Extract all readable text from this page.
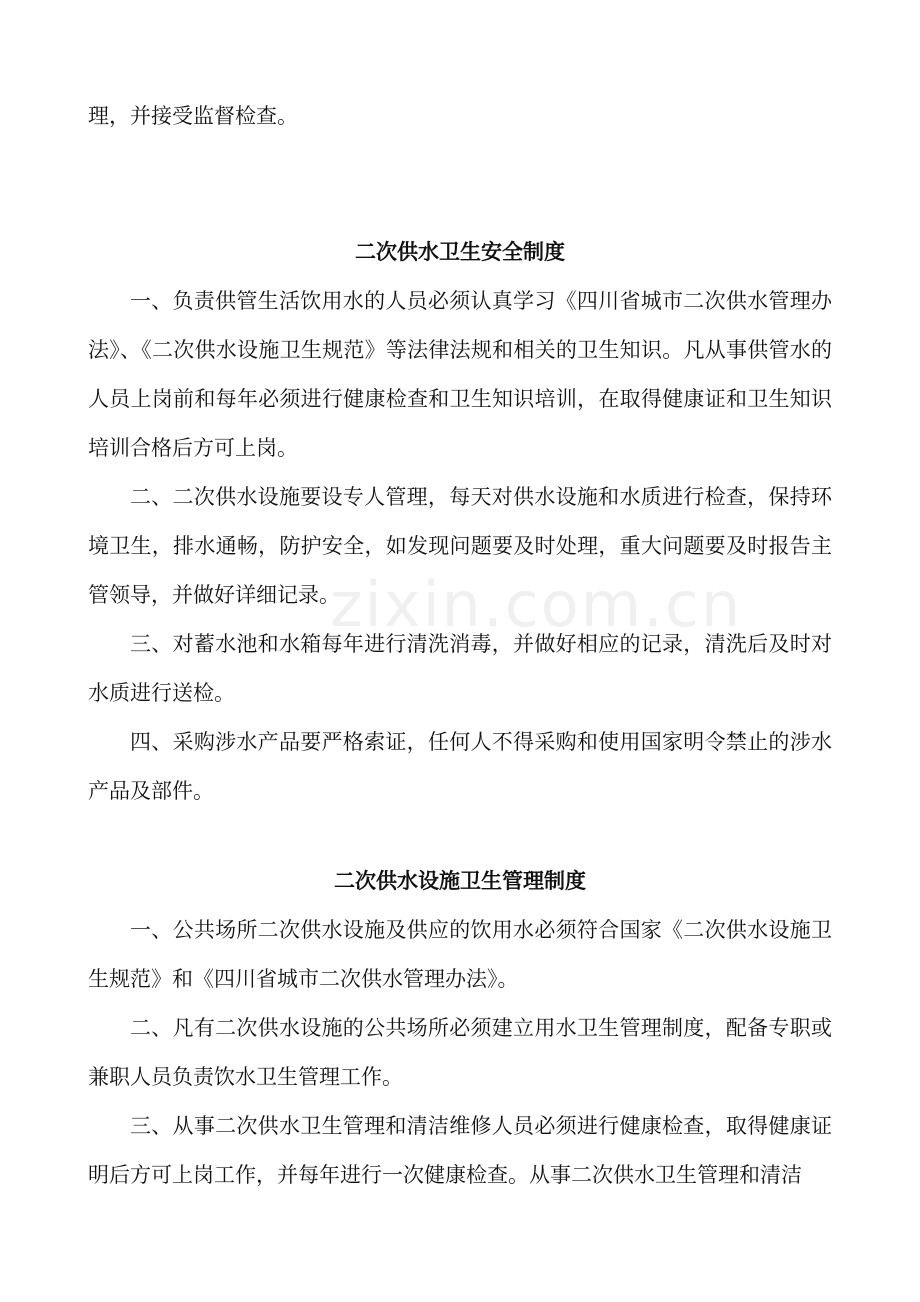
zixin.com.cn

理，并接受监督检查。

二次供水卫生安全制度

一、负责供管生活饮用水的人员必须认真学习《四川省城市二次供水管理办法》、《二次供水设施卫生规范》等法律法规和相关的卫生知识。凡从事供管水的人员上岗前和每年必须进行健康检查和卫生知识培训，在取得健康证和卫生知识培训合格后方可上岗。

二、二次供水设施要设专人管理，每天对供水设施和水质进行检查，保持环境卫生，排水通畅，防护安全，如发现问题要及时处理，重大问题要及时报告主管领导，并做好详细记录。

三、对蓄水池和水箱每年进行清洗消毒，并做好相应的记录，清洗后及时对水质进行送检。

四、采购涉水产品要严格索证，任何人不得采购和使用国家明令禁止的涉水产品及部件。

二次供水设施卫生管理制度

一、公共场所二次供水设施及供应的饮用水必须符合国家《二次供水设施卫生规范》和《四川省城市二次供水管理办法》。

二、凡有二次供水设施的公共场所必须建立用水卫生管理制度，配备专职或兼职人员负责饮水卫生管理工作。

三、从事二次供水卫生管理和清洁维修人员必须进行健康检查，取得健康证明后方可上岗工作，并每年进行一次健康检查。从事二次供水卫生管理和清洁
